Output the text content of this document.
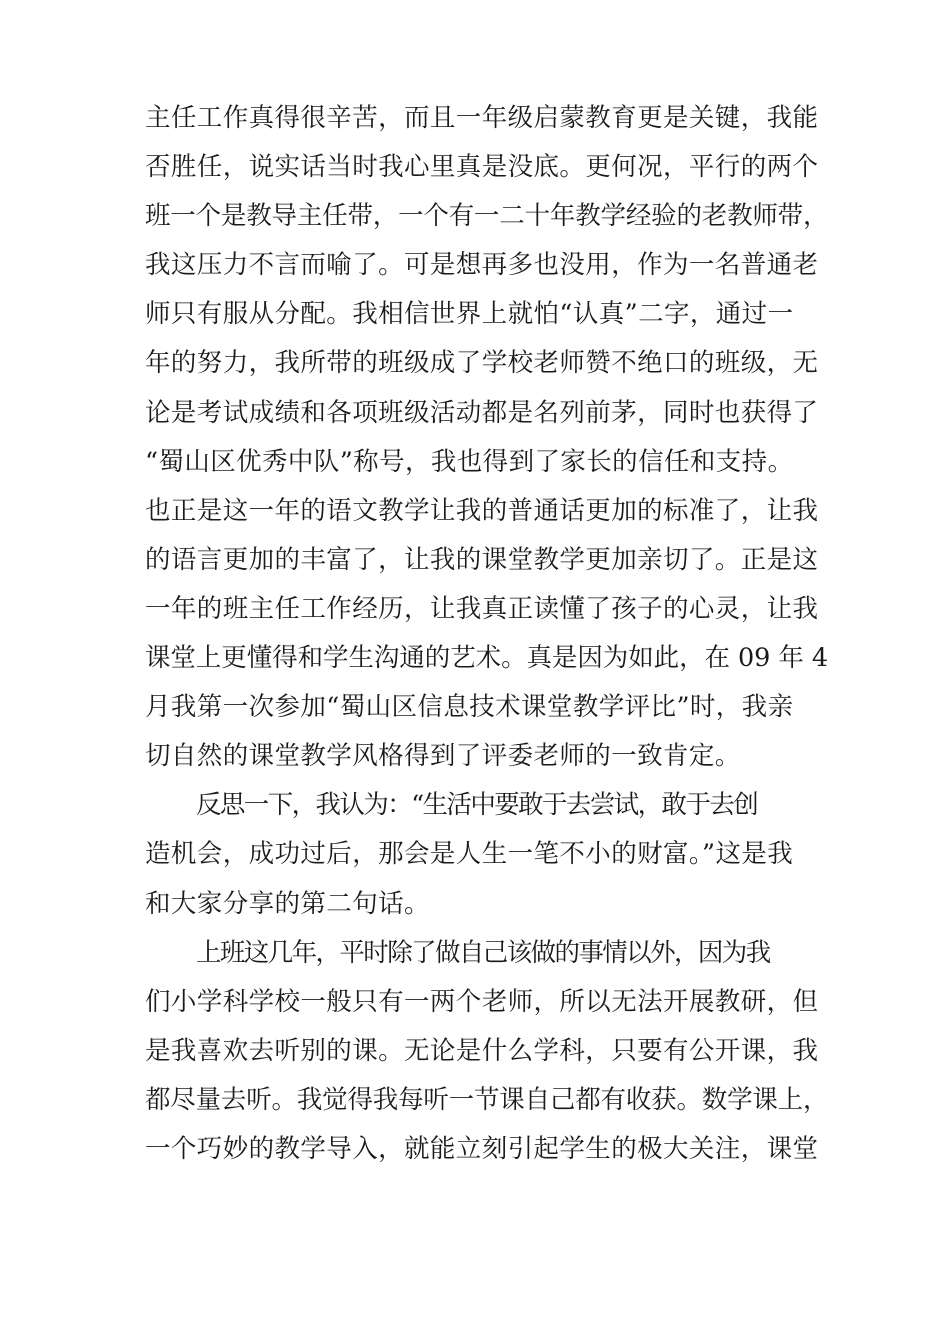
主任工作真得很辛苦，而且一年级启蒙教育更是关键，我能
否胜任，说实话当时我心里真是没底。更何况，平行的两个
班一个是教导主任带，一个有一二十年教学经验的老教师带，
我这压力不言而喻了。可是想再多也没用，作为一名普通老
师只有服从分配。我相信世界上就怕“认真”二字，通过一
年的努力，我所带的班级成了学校老师赞不绝口的班级，无
论是考试成绩和各项班级活动都是名列前茅，同时也获得了
“蜀山区优秀中队”称号，我也得到了家长的信任和支持。
也正是这一年的语文教学让我的普通话更加的标准了，让我
的语言更加的丰富了，让我的课堂教学更加亲切了。正是这
一年的班主任工作经历，让我真正读懂了孩子的心灵，让我
课堂上更懂得和学生沟通的艺术。真是因为如此，在 09 年 4
月我第一次参加“蜀山区信息技术课堂教学评比”时，我亲
切自然的课堂教学风格得到了评委老师的一致肯定。
反思一下，我认为：“生活中要敢于去尝试，敢于去创
造机会，成功过后，那会是人生一笔不小的财富。”这是我
和大家分享的第二句话。
上班这几年，平时除了做自己该做的事情以外，因为我
们小学科学校一般只有一两个老师，所以无法开展教研，但
是我喜欢去听别的课。无论是什么学科，只要有公开课，我
都尽量去听。我觉得我每听一节课自己都有收获。数学课上，
一个巧妙的教学导入，就能立刻引起学生的极大关注，课堂
